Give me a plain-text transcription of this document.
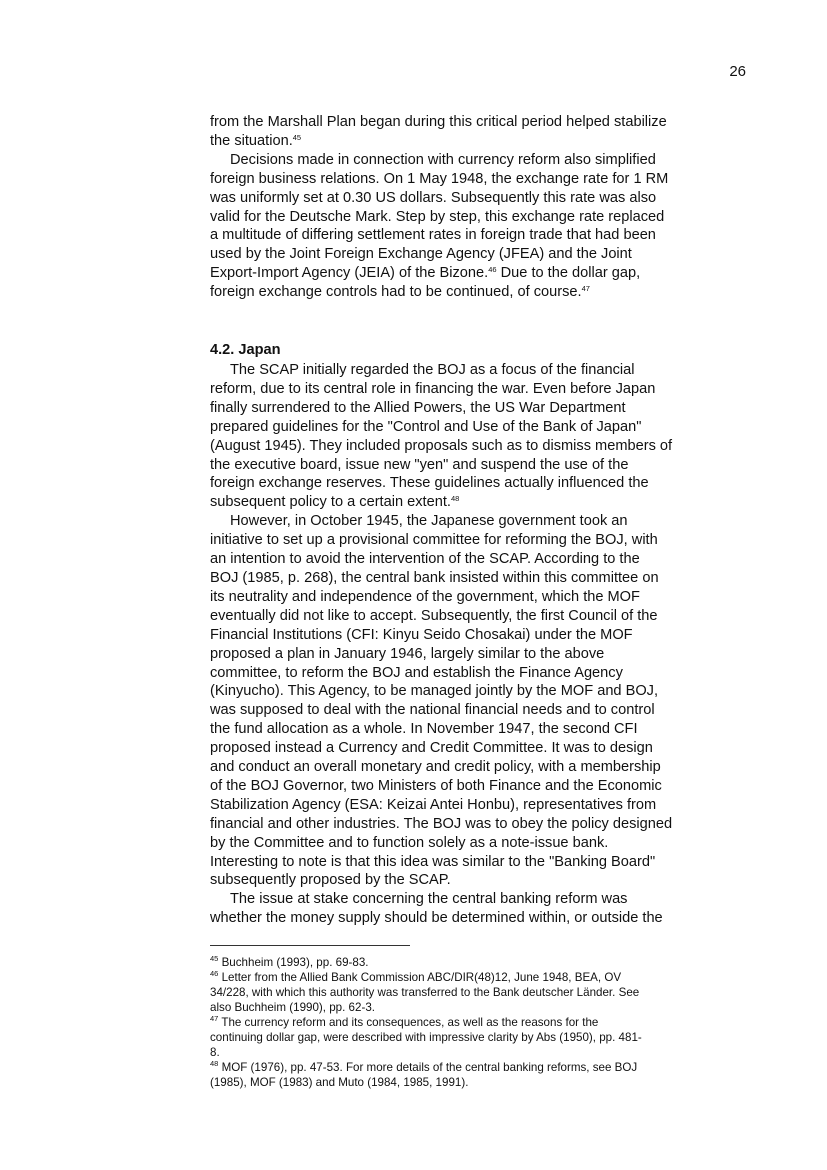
26
from the Marshall Plan began during this critical period helped stabilize
the situation.$^{45}$
Decisions made in connection with currency reform also simplified
foreign business relations. On 1 May 1948, the exchange rate for 1 RM
was uniformly set at 0.30 US dollars. Subsequently this rate was also
valid for the Deutsche Mark. Step by step, this exchange rate replaced
a multitude of differing settlement rates in foreign trade that had been
used by the Joint Foreign Exchange Agency (JFEA) and the Joint
Export-Import Agency (JEIA) of the Bizone.$^{46}$ Due to the dollar gap,
foreign exchange controls had to be continued, of course.$^{47}$
4.2. Japan
The SCAP initially regarded the BOJ as a focus of the financial
reform, due to its central role in financing the war. Even before Japan
finally surrendered to the Allied Powers, the US War Department
prepared guidelines for the "Control and Use of the Bank of Japan"
(August 1945). They included proposals such as to dismiss members of
the executive board, issue new "yen" and suspend the use of the
foreign exchange reserves. These guidelines actually influenced the
subsequent policy to a certain extent.$^{48}$
However, in October 1945, the Japanese government took an
initiative to set up a provisional committee for reforming the BOJ, with
an intention to avoid the intervention of the SCAP. According to the
BOJ (1985, p. 268), the central bank insisted within this committee on
its neutrality and independence of the government, which the MOF
eventually did not like to accept. Subsequently, the first Council of the
Financial Institutions (CFI: Kinyu Seido Chosakai) under the MOF
proposed a plan in January 1946, largely similar to the above
committee, to reform the BOJ and establish the Finance Agency
(Kinyucho). This Agency, to be managed jointly by the MOF and BOJ,
was supposed to deal with the national financial needs and to control
the fund allocation as a whole. In November 1947, the second CFI
proposed instead a Currency and Credit Committee. It was to design
and conduct an overall monetary and credit policy, with a membership
of the BOJ Governor, two Ministers of both Finance and the Economic
Stabilization Agency (ESA: Keizai Antei Honbu), representatives from
financial and other industries. The BOJ was to obey the policy designed
by the Committee and to function solely as a note-issue bank.
Interesting to note is that this idea was similar to the "Banking Board"
subsequently proposed by the SCAP.
The issue at stake concerning the central banking reform was
whether the money supply should be determined within, or outside the
$^{45}$ Buchheim (1993), pp. 69-83.
$^{46}$ Letter from the Allied Bank Commission ABC/DIR(48)12, June 1948, BEA, OV
34/228, with which this authority was transferred to the Bank deutscher Länder. See
also Buchheim (1990), pp. 62-3.
$^{47}$ The currency reform and its consequences, as well as the reasons for the
continuing dollar gap, were described with impressive clarity by Abs (1950), pp. 481-
8.
$^{48}$ MOF (1976), pp. 47-53. For more details of the central banking reforms, see BOJ
(1985), MOF (1983) and Muto (1984, 1985, 1991).
